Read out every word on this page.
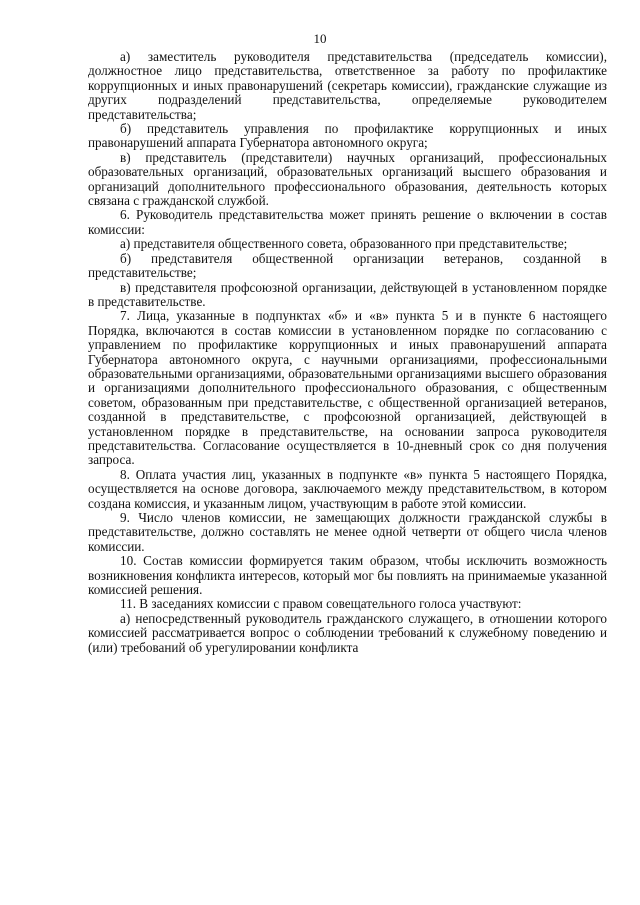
10

а) заместитель руководителя представительства (председатель комиссии), должностное лицо представительства, ответственное за работу по профилактике коррупционных и иных правонарушений (секретарь комиссии), гражданские служащие из других подразделений представительства, определяемые руководителем представительства;

б) представитель управления по профилактике коррупционных и иных правонарушений аппарата Губернатора автономного округа;

в) представитель (представители) научных организаций, профессиональных образовательных организаций, образовательных организаций высшего образования и организаций дополнительного профессионального образования, деятельность которых связана с гражданской службой.

6. Руководитель представительства может принять решение о включении в состав комиссии:

а) представителя общественного совета, образованного при представительстве;

б) представителя общественной организации ветеранов, созданной в представительстве;

в) представителя профсоюзной организации, действующей в установленном порядке в представительстве.

7. Лица, указанные в подпунктах «б» и «в» пункта 5 и в пункте 6 настоящего Порядка, включаются в состав комиссии в установленном порядке по согласованию с управлением по профилактике коррупционных и иных правонарушений аппарата Губернатора автономного округа, с научными организациями, профессиональными образовательными организациями, образовательными организациями высшего образования и организациями дополнительного профессионального образования, с общественным советом, образованным при представительстве, с общественной организацией ветеранов, созданной в представительстве, с профсоюзной организацией, действующей в установленном порядке в представительстве, на основании запроса руководителя представительства. Согласование осуществляется в 10-дневный срок со дня получения запроса.

8. Оплата участия лиц, указанных в подпункте «в» пункта 5 настоящего Порядка, осуществляется на основе договора, заключаемого между представительством, в котором создана комиссия, и указанным лицом, участвующим в работе этой комиссии.

9. Число членов комиссии, не замещающих должности гражданской службы в представительстве, должно составлять не менее одной четверти от общего числа членов комиссии.

10. Состав комиссии формируется таким образом, чтобы исключить возможность возникновения конфликта интересов, который мог бы повлиять на принимаемые указанной комиссией решения.

11. В заседаниях комиссии с правом совещательного голоса участвуют:

а) непосредственный руководитель гражданского служащего, в отношении которого комиссией рассматривается вопрос о соблюдении требований к служебному поведению и (или) требований об урегулировании конфликта
